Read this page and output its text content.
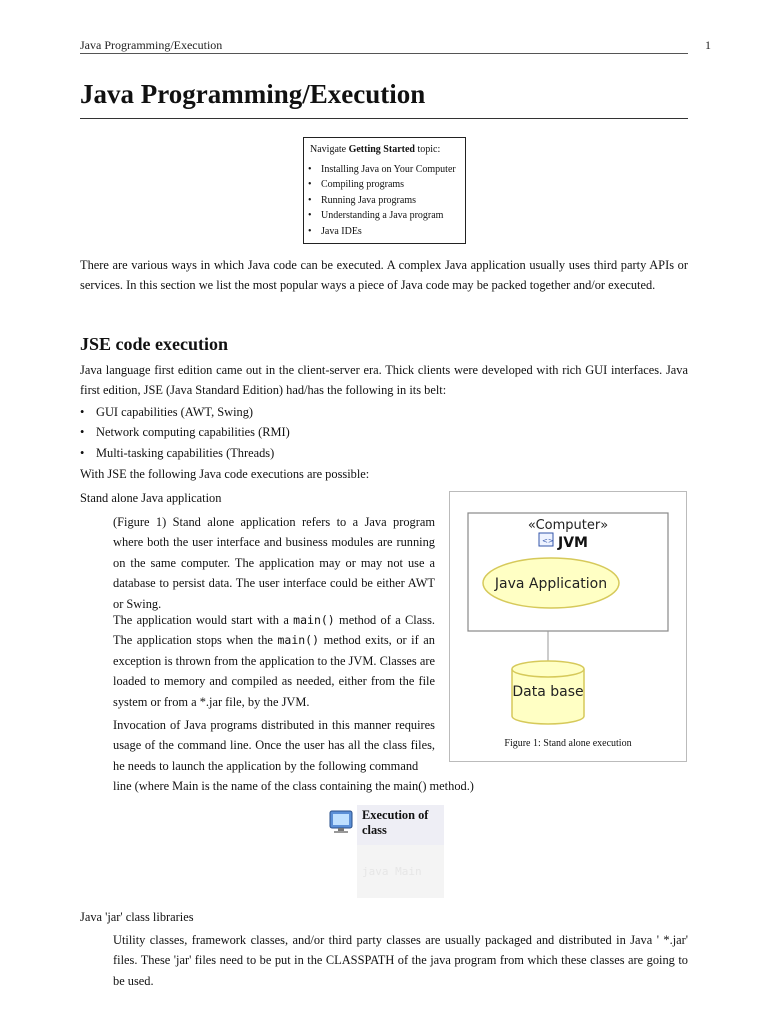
Java Programming/Execution	1
Java Programming/Execution
Navigate Getting Started topic:
• Installing Java on Your Computer
• Compiling programs
• Running Java programs
• Understanding a Java program
• Java IDEs

There are various ways in which Java code can be executed. A complex Java application usually uses third party APIs or services. In this section we list the most popular ways a piece of Java code may be packed together and/or executed.

JSE code execution

Java language first edition came out in the client-server era. Thick clients were developed with rich GUI interfaces. Java first edition, JSE (Java Standard Edition) had/has the following in its belt:

• GUI capabilities (AWT, Swing)
• Network computing capabilities (RMI)
• Multi-tasking capabilities (Threads)

With JSE the following Java code executions are possible:

Stand alone Java application

(Figure 1) Stand alone application refers to a Java program where both the user interface and business modules are running on the same computer. The application may or may not use a database to persist data. The user interface could be either AWT or Swing.

The application would start with a main() method of a Class. The application stops when the main() method exits, or if an exception is thrown from the application to the JVM. Classes are loaded to memory and compiled as needed, either from the file system or from a *.jar file, by the JVM.

Invocation of Java programs distributed in this manner requires usage of the command line. Once the user has all the class files, he needs to launch the application by the following command
line (where Main is the name of the class containing the main() method.)

«Computer»
<> JVM
Java Application
Data base
Figure 1: Stand alone execution
Execution of class
java Main
Java 'jar' class libraries

Utility classes, framework classes, and/or third party classes are usually packaged and distributed in Java ' *.jar' files. These 'jar' files need to be put in the CLASSPATH of the java program from which these classes are going to be used.
